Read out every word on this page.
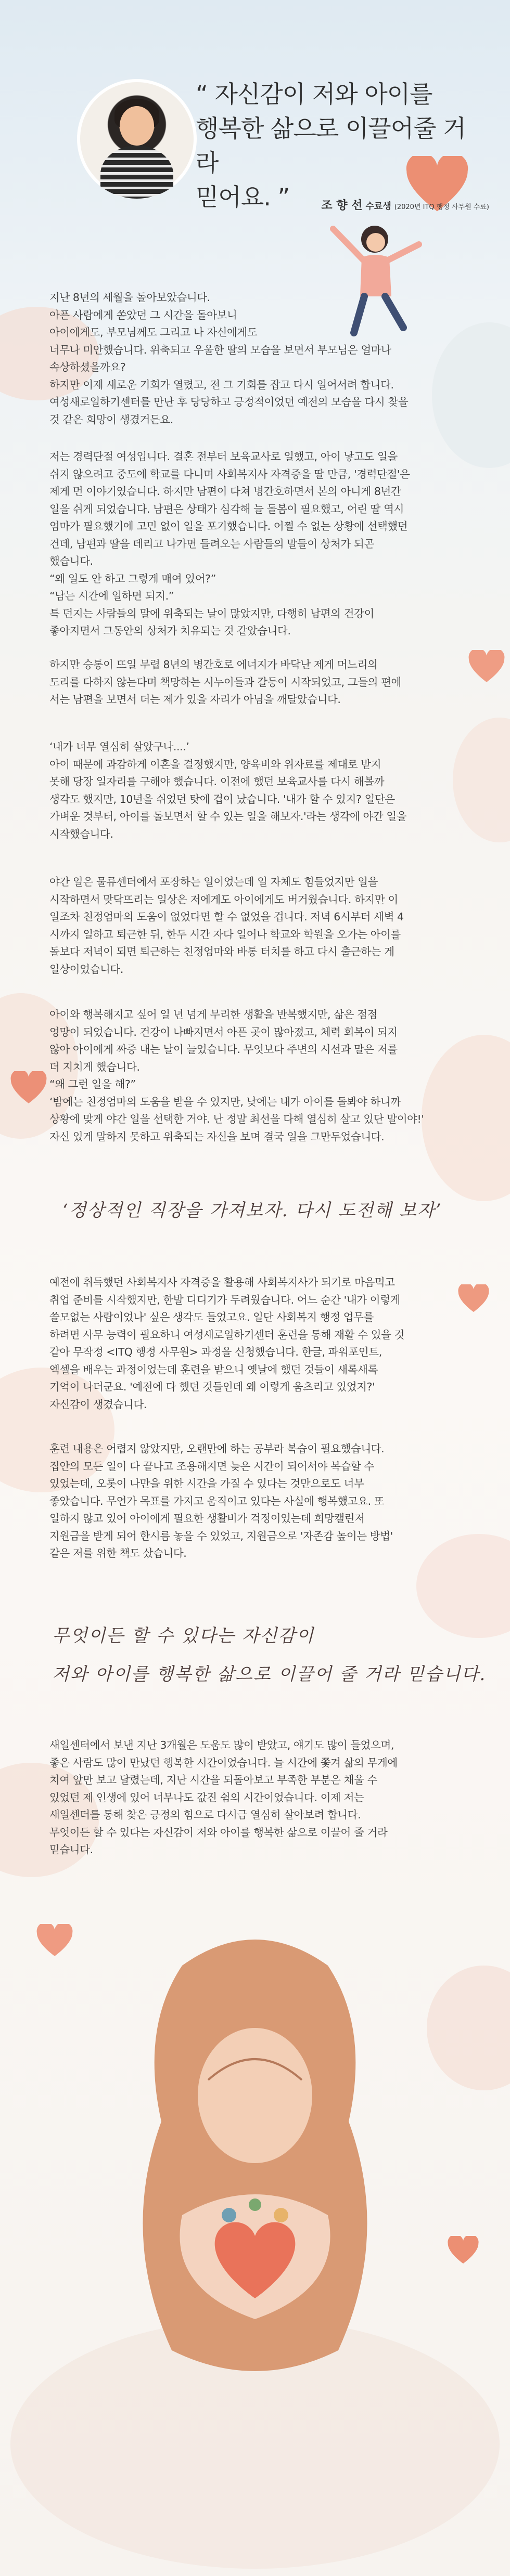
“ 자신감이 저와 아이를
행복한 삶으로 이끌어줄 거라
믿어요. ”	조 향 선 수료생 (2020년 ITQ 행정 사무원 수료)

지난 8년의 세월을 돌아보았습니다.

아픈 사람에게 쏟았던 그 시간을 돌아보니

아이에게도, 부모님께도 그리고 나 자신에게도

너무나 미안했습니다. 위축되고 우울한 딸의 모습을 보면서 부모님은 얼마나

속상하셨을까요?

하지만 이제 새로운 기회가 열렸고, 전 그 기회를 잡고 다시 일어서려 합니다.

여성새로일하기센터를 만난 후 당당하고 긍정적이었던 예전의 모습을 다시 찾을

것 같은 희망이 생겼거든요.

저는 경력단절 여성입니다. 결혼 전부터 보육교사로 일했고, 아이 낳고도 일을

쉬지 않으려고 중도에 학교를 다니며 사회복지사 자격증을 딸 만큼, '경력단절'은

제게 먼 이야기였습니다. 하지만 남편이 다쳐 병간호하면서 본의 아니게 8년간

일을 쉬게 되었습니다. 남편은 상태가 심각해 늘 돌봄이 필요했고, 어린 딸 역시

엄마가 필요했기에 고민 없이 일을 포기했습니다. 어쩔 수 없는 상황에 선택했던

건데, 남편과 딸을 데리고 나가면 들려오는 사람들의 말들이 상처가 되곤

했습니다.

“왜 일도 안 하고 그렇게 매여 있어?”

“남는 시간에 일하면 되지.”

특 던지는 사람들의 말에 위축되는 날이 많았지만, 다행히 남편의 건강이

좋아지면서 그동안의 상처가 치유되는 것 같았습니다.

하지만 승통이 뜨일 무렵 8년의 병간호로 에너지가 바닥난 제게 머느리의

도리를 다하지 않는다며 책망하는 시누이들과 갈등이 시작되었고, 그들의 편에

서는 남편을 보면서 더는 제가 있을 자리가 아님을 깨달았습니다.

‘내가 너무 열심히 살았구나....’

아이 때문에 과감하게 이혼을 결정했지만, 양육비와 위자료를 제대로 받지

못해 당장 일자리를 구해야 했습니다. 이전에 했던 보육교사를 다시 해볼까

생각도 했지만, 10년을 쉬었던 탓에 겁이 났습니다. '내가 할 수 있지? 일단은

가벼운 것부터, 아이를 돌보면서 할 수 있는 일을 해보자.'라는 생각에 야간 일을

시작했습니다.

야간 일은 물류센터에서 포장하는 일이었는데 일 자체도 힘들었지만 일을

시작하면서 맞닥뜨리는 일상은 저에게도 아이에게도 버거웠습니다. 하지만 이

일조차 친정엄마의 도움이 없었다면 할 수 없었을 겁니다. 저녁 6시부터 새벽 4

시까지 일하고 퇴근한 뒤, 한두 시간 자다 일어나 학교와 학원을 오가는 아이를

돌보다 저녁이 되면 퇴근하는 친정엄마와 바통 터치를 하고 다시 출근하는 게

일상이었습니다.

아이와 행복해지고 싶어 일 년 넘게 무리한 생활을 반복했지만, 삶은 점점

엉망이 되었습니다. 건강이 나빠지면서 아픈 곳이 많아졌고, 체력 회복이 되지

않아 아이에게 짜증 내는 날이 늘었습니다. 무엇보다 주변의 시선과 말은 저를

더 지치게 했습니다.

“왜 그런 일을 해?”

‘밤에는 친정엄마의 도움을 받을 수 있지만, 낮에는 내가 아이를 돌봐야 하니까

상황에 맞게 야간 일을 선택한 거야. 난 정말 최선을 다해 열심히 살고 있단 말이야!'

자신 있게 말하지 못하고 위축되는 자신을 보며 결국 일을 그만두었습니다.

‘정상적인 직장을 가져보자. 다시 도전해 보자’

예전에 취득했던 사회복지사 자격증을 활용해 사회복지사가 되기로 마음먹고

취업 준비를 시작했지만, 한발 디디기가 두려웠습니다. 어느 순간 '내가 이렇게

쓸모없는 사람이었나' 싶은 생각도 들었고요. 일단 사회복지 행정 업무를

하려면 사무 능력이 필요하니 여성새로일하기센터 훈련을 통해 재활 수 있을 것

같아 무작정 <ITQ 행정 사무원> 과정을 신청했습니다. 한글, 파워포인트,

엑셀을 배우는 과정이었는데 훈련을 받으니 옛날에 했던 것들이 새록새록

기억이 나더군요. '예전에 다 했던 것들인데 왜 이렇게 움츠리고 있었지?'

자신감이 생겼습니다.

훈련 내용은 어렵지 않았지만, 오랜만에 하는 공부라 복습이 필요했습니다.

집안의 모든 일이 다 끝나고 조용해지면 늦은 시간이 되어서야 복습할 수

있었는데, 오롯이 나만을 위한 시간을 가질 수 있다는 것만으로도 너무

좋았습니다. 무언가 목표를 가지고 움직이고 있다는 사실에 행복했고요. 또

일하지 않고 있어 아이에게 필요한 생활비가 걱정이었는데 희망캘린저

지원금을 받게 되어 한시름 놓을 수 있었고, 지원금으로 '자존감 높이는 방법'

같은 저를 위한 책도 샀습니다.

무엇이든 할 수 있다는 자신감이
저와 아이를 행복한 삶으로 이끌어 줄 거라 믿습니다.

새일센터에서 보낸 지난 3개월은 도움도 많이 받았고, 얘기도 많이 들었으며,

좋은 사람도 많이 만났던 행복한 시간이었습니다. 늘 시간에 쫓겨 삶의 무게에

치여 앞만 보고 달렸는데, 지난 시간을 되돌아보고 부족한 부분은 채울 수

있었던 제 인생에 있어 너무나도 값진 쉼의 시간이었습니다. 이제 저는

새일센터를 통해 찾은 긍정의 힘으로 다시금 열심히 살아보려 합니다.

무엇이든 할 수 있다는 자신감이 저와 아이를 행복한 삶으로 이끌어 줄 거라

믿습니다.
